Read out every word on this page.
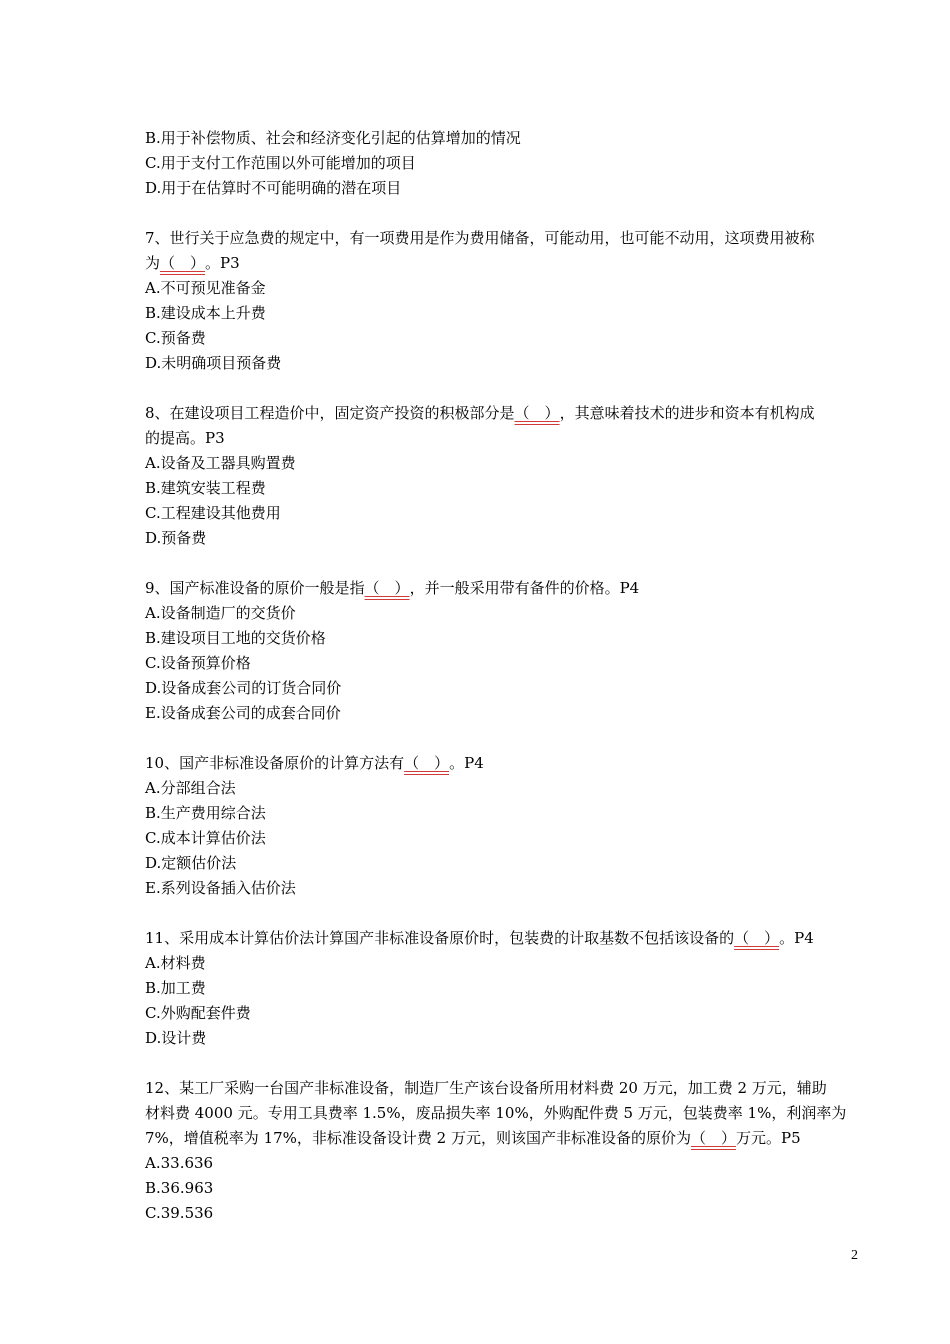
B.用于补偿物质、社会和经济变化引起的估算增加的情况
C.用于支付工作范围以外可能增加的项目
D.用于在估算时不可能明确的潜在项目
7、世行关于应急费的规定中，有一项费用是作为费用储备，可能动用，也可能不动用，这项费用被称
为（　）。P3
A.不可预见准备金
B.建设成本上升费
C.预备费
D.未明确项目预备费
8、在建设项目工程造价中，固定资产投资的积极部分是（　），其意味着技术的进步和资本有机构成
的提高。P3
A.设备及工器具购置费
B.建筑安装工程费
C.工程建设其他费用
D.预备费
9、国产标准设备的原价一般是指（　），并一般采用带有备件的价格。P4
A.设备制造厂的交货价
B.建设项目工地的交货价格
C.设备预算价格
D.设备成套公司的订货合同价
E.设备成套公司的成套合同价
10、国产非标准设备原价的计算方法有（　）。P4
A.分部组合法
B.生产费用综合法
C.成本计算估价法
D.定额估价法
E.系列设备插入估价法
11、采用成本计算估价法计算国产非标准设备原价时，包装费的计取基数不包括该设备的（　）。P4
A.材料费
B.加工费
C.外购配套件费
D.设计费
12、某工厂采购一台国产非标准设备，制造厂生产该台设备所用材料费 20 万元，加工费 2 万元，辅助
材料费 4000 元。专用工具费率 1.5%，废品损失率 10%，外购配件费 5 万元，包装费率 1%，利润率为
7%，增值税率为 17%，非标准设备设计费 2 万元，则该国产非标准设备的原价为（　）万元。P5
A.33.636
B.36.963
C.39.536
2
